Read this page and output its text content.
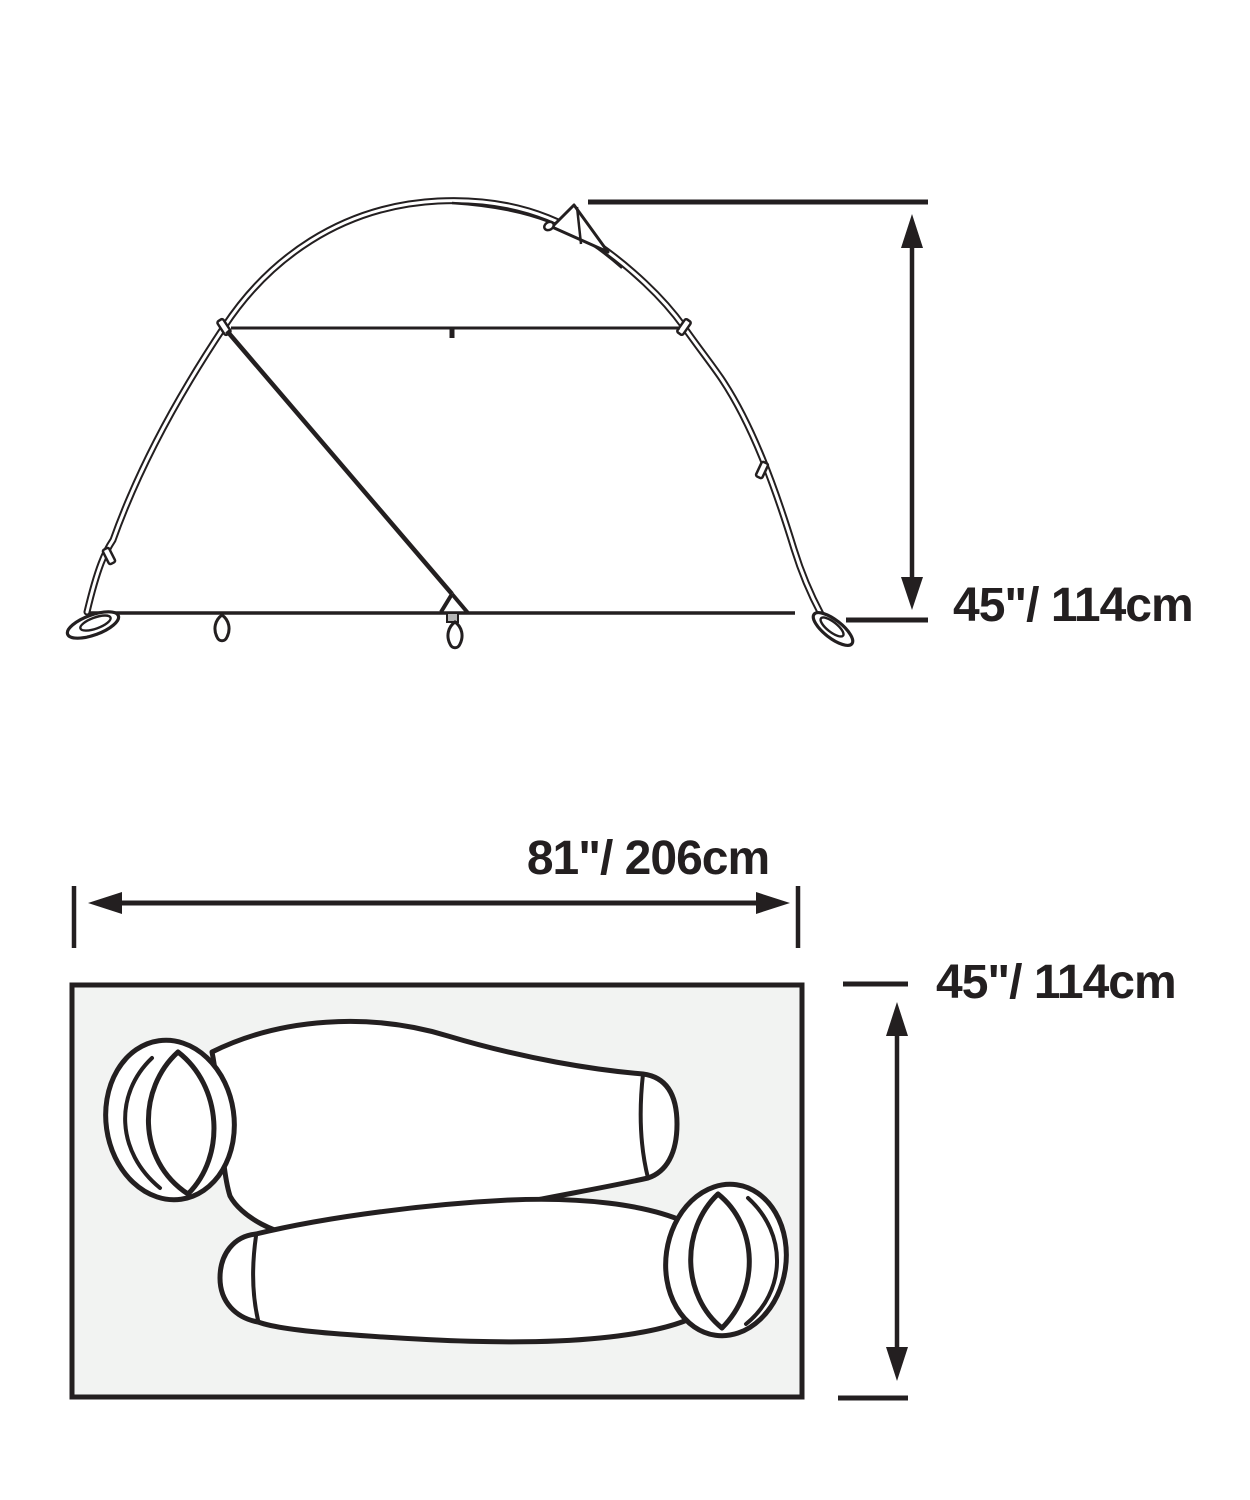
45"/ 114cm
81"/ 206cm
45"/ 114cm
